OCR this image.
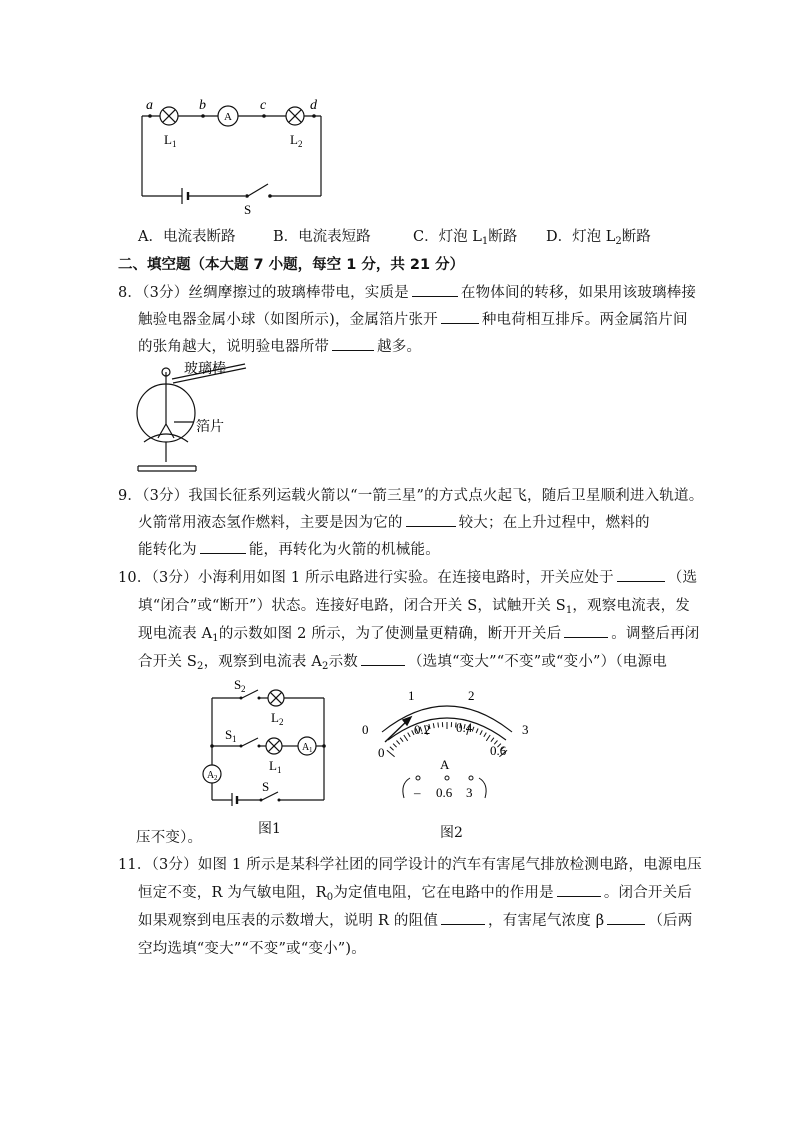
a	b	c	d
A
L 1	L 2
S
A．电流表断路	B．电流表短路	C．灯泡 $L_1$断路 D．灯泡 $L_2$断路
二、填空题（本大题 7 小题，每空 1 分，共 21 分）
8．（3分）丝绸摩擦过的玻璃棒带电，实质是	在物体间的转移，如果用该玻璃棒接
触验电器金属小球（如图所示)，金属箔片张开	种电荷相互排斥。两金属箔片间
的张角越大，说明验电器所带	越多。
玻璃棒
箔片
9．（3分）我国长征系列运载火箭以“一箭三星”的方式点火起飞，随后卫星顺利进入轨道。
火箭常用液态氢作燃料，主要是因为它的	较大；在上升过程中，燃料的
能转化为	能，再转化为火箭的机械能。
10．（3分）小海利用如图 1 所示电路进行实验。在连接电路时，开关应处于	（选
填“闭合”或“断开”）状态。连接好电路，闭合开关 S，试触开关 $S_1$，观察电流表，发
现电流表 $A_1$的示数如图 2 所示，为了使测量更精确，断开开关后	。调整后再闭
合开关 $S_2$，观察到电流表 $A_2$示数	（选填“变大”“不变”或“变小”）（电源电
S 2
L 2
S 1
L 1
A 1
A 2
S
0
1	2
3
0
0.2 0.4
0.6
A
– 0.6 3
压不变）。
图1	图2
11．（3分）如图 1 所示是某科学社团的同学设计的汽车有害尾气排放检测电路，电源电压
恒定不变，R 为气敏电阻，$R_0$为定值电阻，它在电路中的作用是	。闭合开关后
如果观察到电压表的示数增大，说明 R 的阻值	，有害尾气浓度 β	（后两
空均选填“变大”“不变”或“变小”)。
